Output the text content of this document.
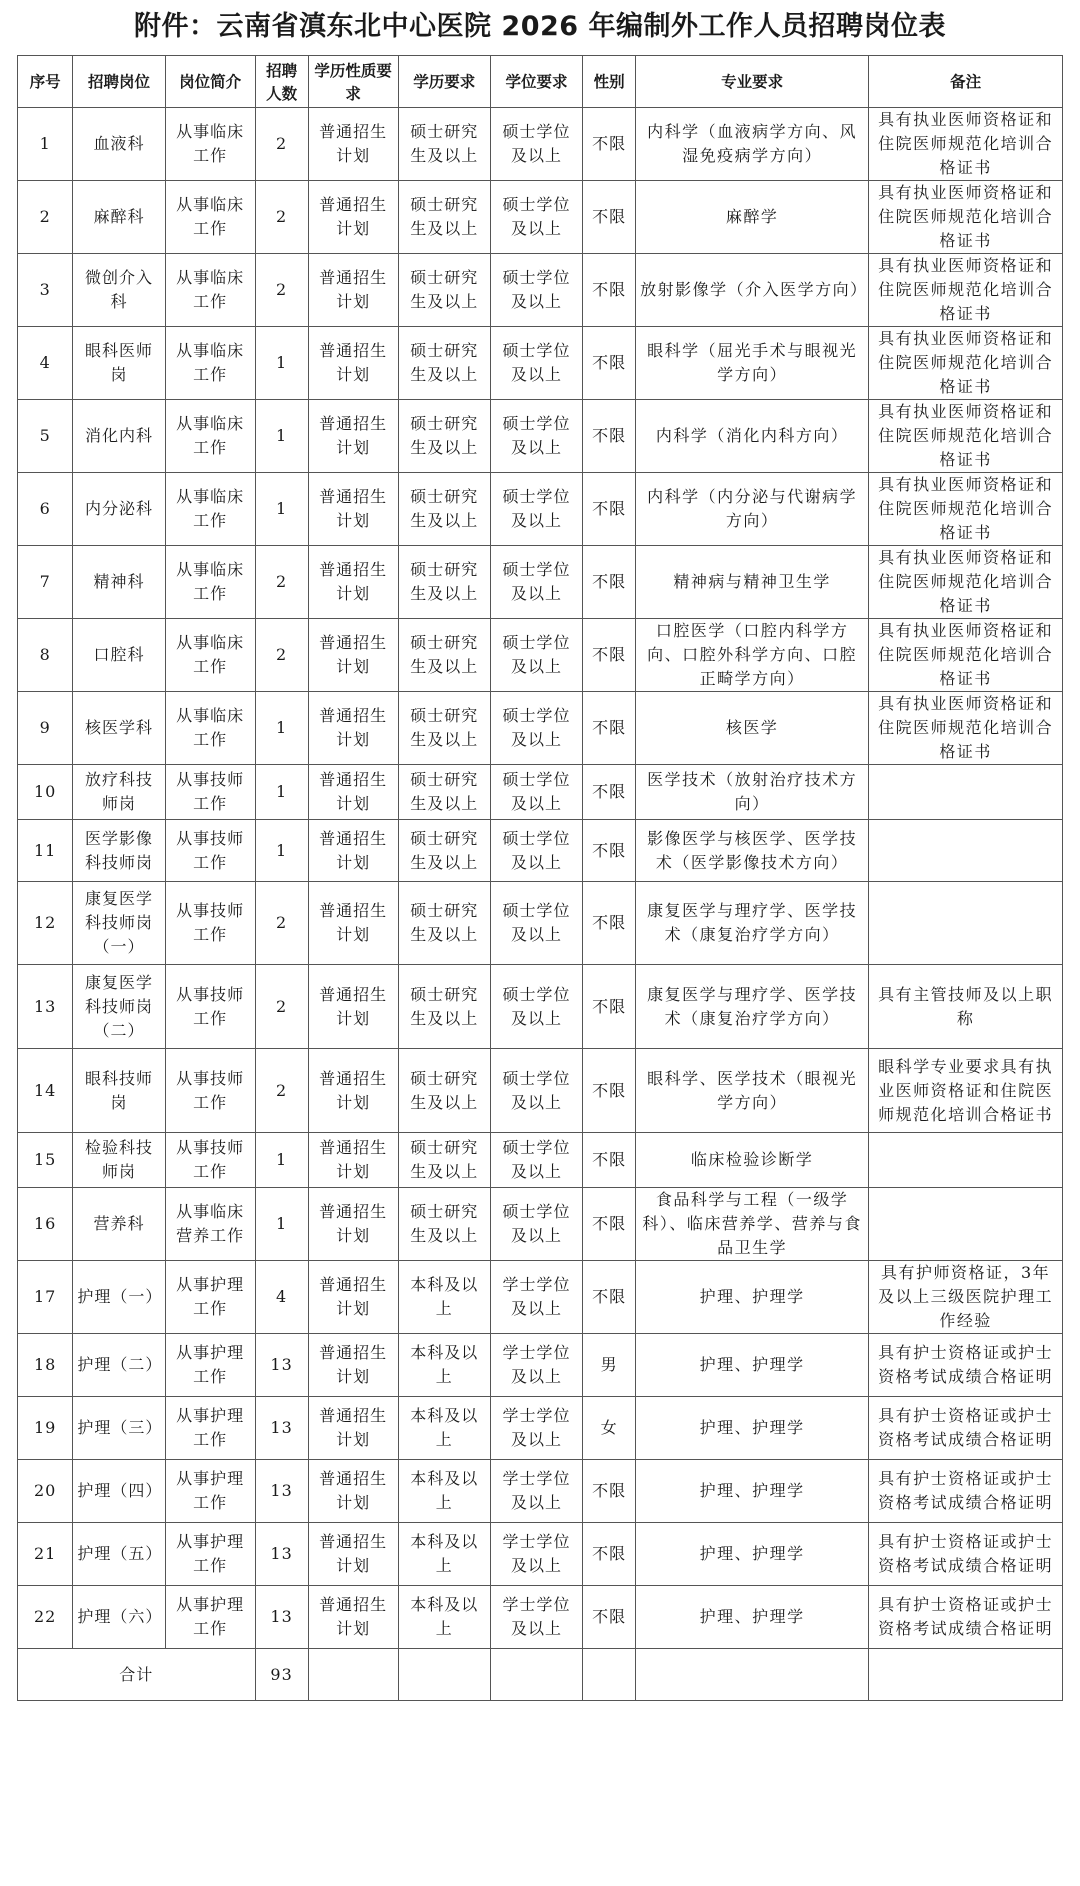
附件：云南省滇东北中心医院 2026 年编制外工作人员招聘岗位表
序号	招聘岗位	岗位简介	招聘人数	学历性质要求	学历要求	学位要求	性别	专业要求	备注
1	血液科	从事临床工作	2	普通招生计划	硕士研究生及以上	硕士学位及以上	不限	内科学（血液病学方向、风湿免疫病学方向）	具有执业医师资格证和住院医师规范化培训合格证书
2	麻醉科	从事临床工作	2	普通招生计划	硕士研究生及以上	硕士学位及以上	不限	麻醉学	具有执业医师资格证和住院医师规范化培训合格证书
3	微创介入科	从事临床工作	2	普通招生计划	硕士研究生及以上	硕士学位及以上	不限	放射影像学（介入医学方向）	具有执业医师资格证和住院医师规范化培训合格证书
4	眼科医师岗	从事临床工作	1	普通招生计划	硕士研究生及以上	硕士学位及以上	不限	眼科学（屈光手术与眼视光学方向）	具有执业医师资格证和住院医师规范化培训合格证书
5	消化内科	从事临床工作	1	普通招生计划	硕士研究生及以上	硕士学位及以上	不限	内科学（消化内科方向）	具有执业医师资格证和住院医师规范化培训合格证书
6	内分泌科	从事临床工作	1	普通招生计划	硕士研究生及以上	硕士学位及以上	不限	内科学（内分泌与代谢病学方向）	具有执业医师资格证和住院医师规范化培训合格证书
7	精神科	从事临床工作	2	普通招生计划	硕士研究生及以上	硕士学位及以上	不限	精神病与精神卫生学	具有执业医师资格证和住院医师规范化培训合格证书
8	口腔科	从事临床工作	2	普通招生计划	硕士研究生及以上	硕士学位及以上	不限	口腔医学（口腔内科学方向、口腔外科学方向、口腔正畸学方向）	具有执业医师资格证和住院医师规范化培训合格证书
9	核医学科	从事临床工作	1	普通招生计划	硕士研究生及以上	硕士学位及以上	不限	核医学	具有执业医师资格证和住院医师规范化培训合格证书
10	放疗科技师岗	从事技师工作	1	普通招生计划	硕士研究生及以上	硕士学位及以上	不限	医学技术（放射治疗技术方向）	
11	医学影像科技师岗	从事技师工作	1	普通招生计划	硕士研究生及以上	硕士学位及以上	不限	影像医学与核医学、医学技术（医学影像技术方向）	
12	康复医学科技师岗（一）	从事技师工作	2	普通招生计划	硕士研究生及以上	硕士学位及以上	不限	康复医学与理疗学、医学技术（康复治疗学方向）	
13	康复医学科技师岗（二）	从事技师工作	2	普通招生计划	硕士研究生及以上	硕士学位及以上	不限	康复医学与理疗学、医学技术（康复治疗学方向）	具有主管技师及以上职称
14	眼科技师岗	从事技师工作	2	普通招生计划	硕士研究生及以上	硕士学位及以上	不限	眼科学、医学技术（眼视光学方向）	眼科学专业要求具有执业医师资格证和住院医师规范化培训合格证书
15	检验科技师岗	从事技师工作	1	普通招生计划	硕士研究生及以上	硕士学位及以上	不限	临床检验诊断学	
16	营养科	从事临床营养工作	1	普通招生计划	硕士研究生及以上	硕士学位及以上	不限	食品科学与工程（一级学科）、临床营养学、营养与食品卫生学	
17	护理（一）	从事护理工作	4	普通招生计划	本科及以上	学士学位及以上	不限	护理、护理学	具有护师资格证，3年及以上三级医院护理工作经验
18	护理（二）	从事护理工作	13	普通招生计划	本科及以上	学士学位及以上	男	护理、护理学	具有护士资格证或护士资格考试成绩合格证明
19	护理（三）	从事护理工作	13	普通招生计划	本科及以上	学士学位及以上	女	护理、护理学	具有护士资格证或护士资格考试成绩合格证明
20	护理（四）	从事护理工作	13	普通招生计划	本科及以上	学士学位及以上	不限	护理、护理学	具有护士资格证或护士资格考试成绩合格证明
21	护理（五）	从事护理工作	13	普通招生计划	本科及以上	学士学位及以上	不限	护理、护理学	具有护士资格证或护士资格考试成绩合格证明
22	护理（六）	从事护理工作	13	普通招生计划	本科及以上	学士学位及以上	不限	护理、护理学	具有护士资格证或护士资格考试成绩合格证明
合计			93						
